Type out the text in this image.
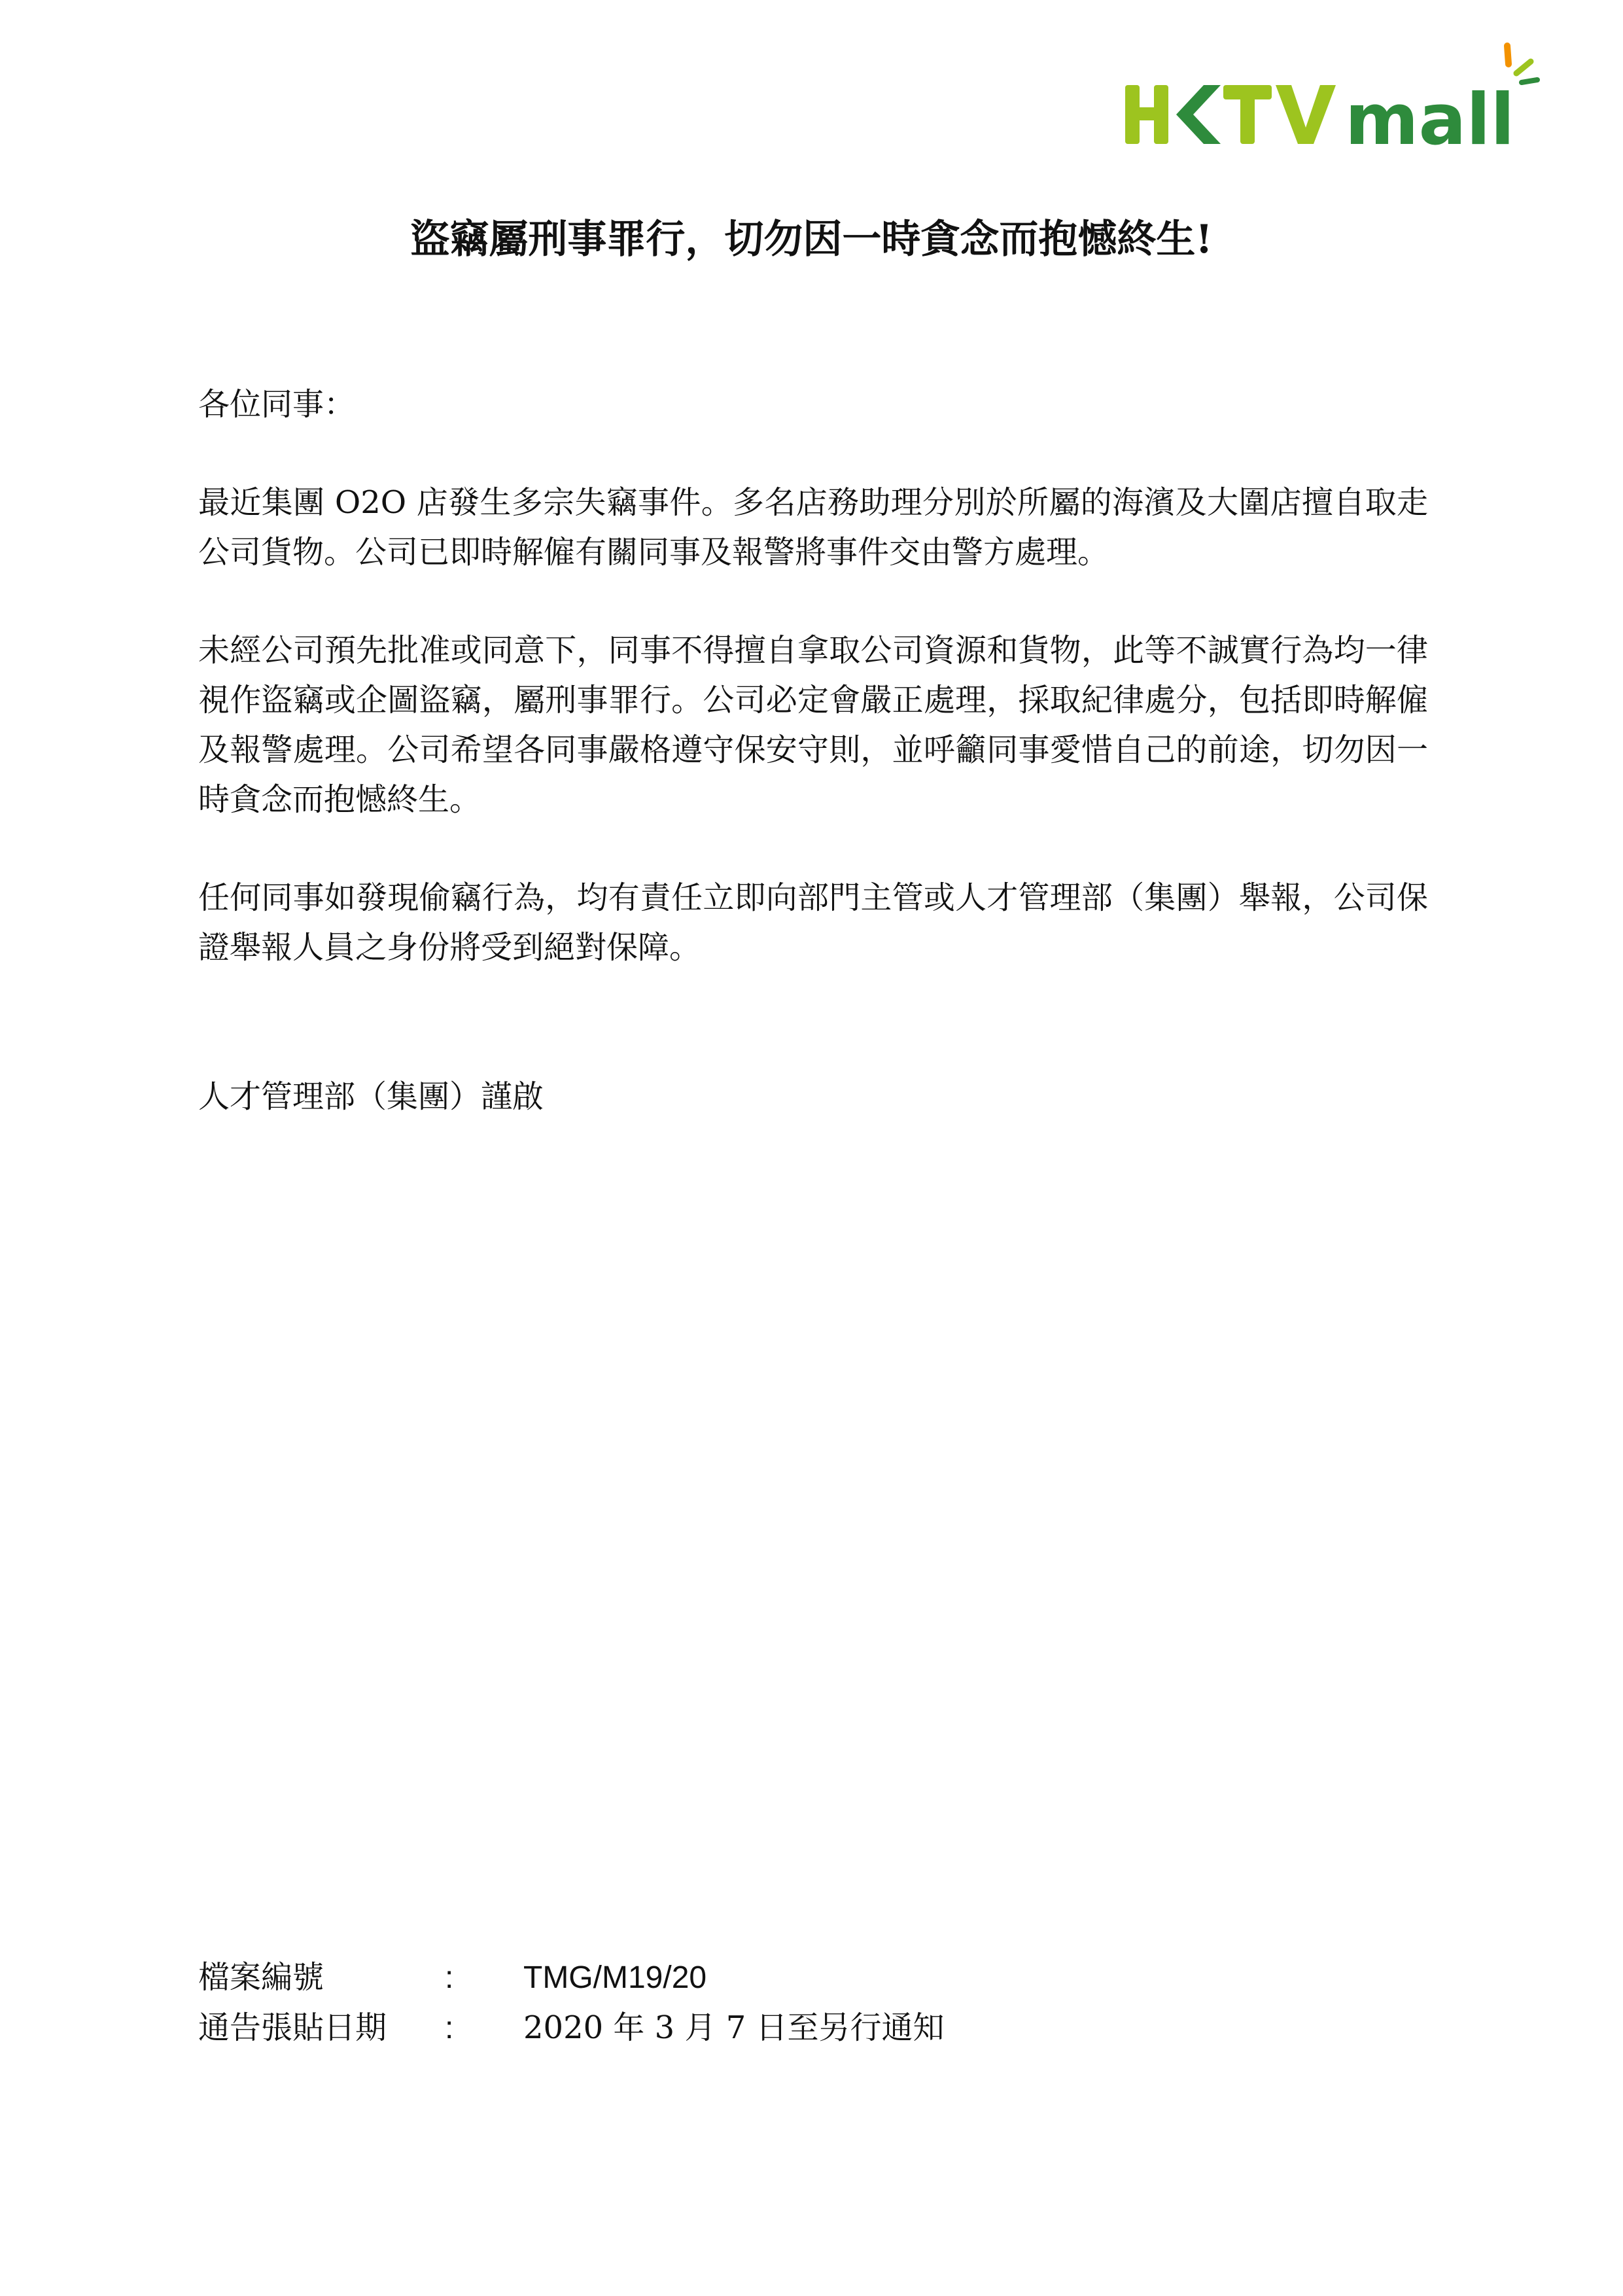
mall
盜竊屬刑事罪行，切勿因一時貪念而抱憾終生!

各位同事：

最近集團 O2O 店發生多宗失竊事件。多名店務助理分別於所屬的海濱及大圍店擅自取走公司貨物。公司已即時解僱有關同事及報警將事件交由警方處理。

未經公司預先批准或同意下，同事不得擅自拿取公司資源和貨物，此等不誠實行為均一律視作盜竊或企圖盜竊，屬刑事罪行。公司必定會嚴正處理，採取紀律處分，包括即時解僱及報警處理。公司希望各同事嚴格遵守保安守則，並呼籲同事愛惜自己的前途，切勿因一時貪念而抱憾終生。

任何同事如發現偷竊行為，均有責任立即向部門主管或人才管理部（集團）舉報，公司保證舉報人員之身份將受到絕對保障。

人才管理部（集團）謹啟

檔案編號	:	TMG/M19/20
通告張貼日期	:	2020 年 3 月 7 日至另行通知
